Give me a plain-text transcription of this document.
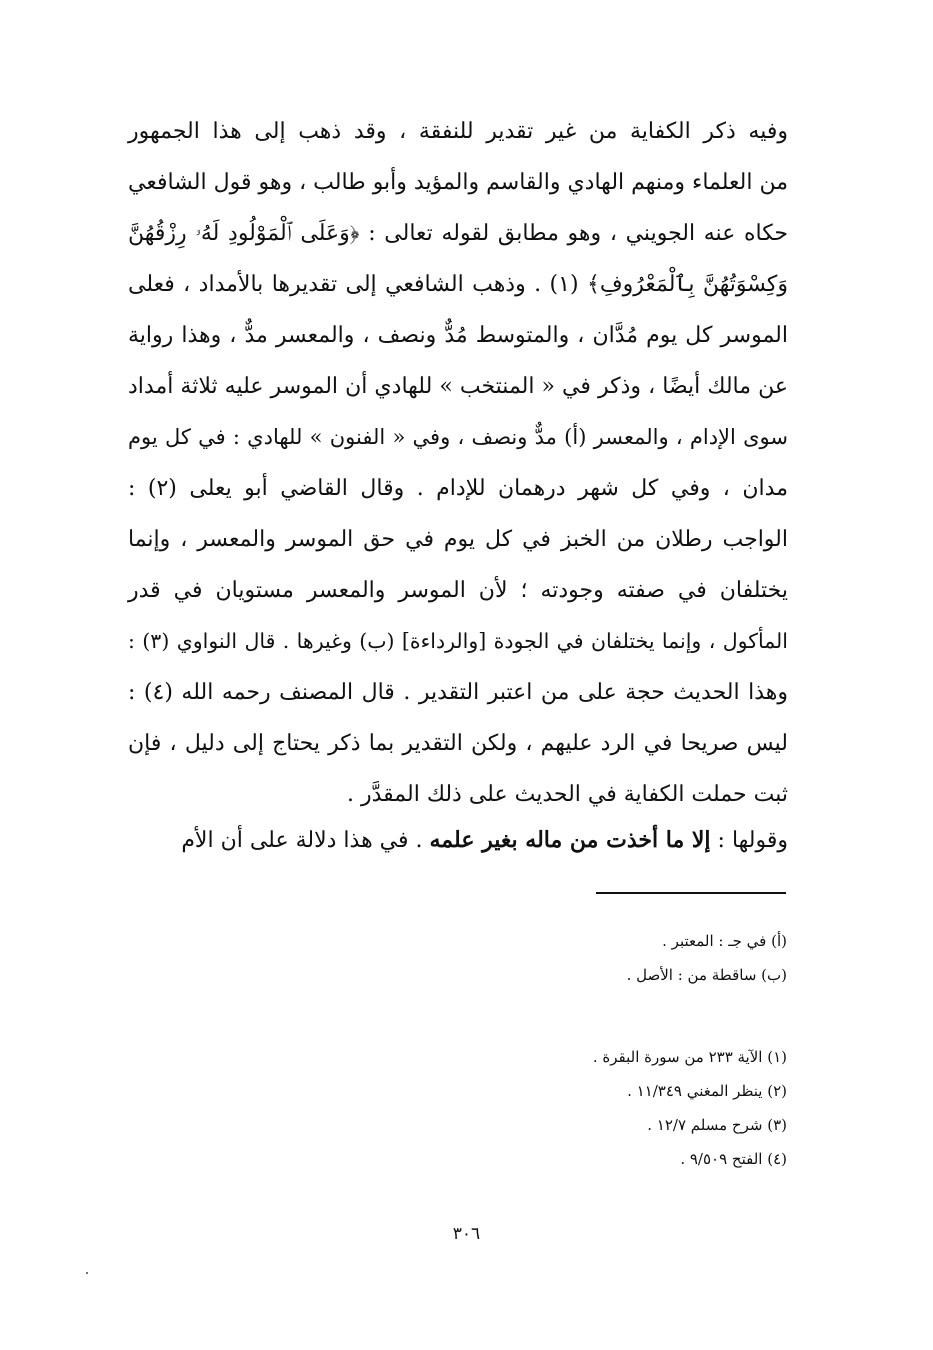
وفيه ذكر الكفاية من غير تقدير للنفقة ، وقد ذهب إلى هذا الجمهور
من العلماء ومنهم الهادي والقاسم والمؤيد وأبو طالب ، وهو قول الشافعي
حكاه عنه الجويني ، وهو مطابق لقوله تعالى : ﴿وَعَلَى ٱلْمَوْلُودِ لَهُۥ رِزْقُهُنَّ
وَكِسْوَتُهُنَّ بِٱلْمَعْرُوفِ﴾ (١) . وذهب الشافعي إلى تقديرها بالأمداد ، فعلى
الموسر كل يوم مُدَّان ، والمتوسط مُدٌّ ونصف ، والمعسر مدٌّ ، وهذا رواية
عن مالك أيضًا ، وذكر في « المنتخب » للهادي أن الموسر عليه ثلاثة أمداد
سوى الإدام ، والمعسر (أ) مدٌّ ونصف ، وفي « الفنون » للهادي : في كل يوم
مدان ، وفي كل شهر درهمان للإدام . وقال القاضي أبو يعلى (٢) :
الواجب رطلان من الخبز في كل يوم في حق الموسر والمعسر ، وإنما
يختلفان في صفته وجودته ؛ لأن الموسر والمعسر مستويان في قدر
المأكول ، وإنما يختلفان في الجودة [والرداءة] (ب) وغيرها . قال النواوي (٣) :
وهذا الحديث حجة على من اعتبر التقدير . قال المصنف رحمه الله (٤) :
ليس صريحا في الرد عليهم ، ولكن التقدير بما ذكر يحتاج إلى دليل ، فإن
ثبت حملت الكفاية في الحديث على ذلك المقدَّر .
وقولها : إلا ما أخذت من ماله بغير علمه . في هذا دلالة على أن الأم
(أ) في جـ : المعتبر .
(ب) ساقطة من : الأصل .
(١) الآية ٢٣٣ من سورة البقرة .
(٢) ينظر المغني ١١/٣٤٩ .
(٣) شرح مسلم ١٢/٧ .
(٤) الفتح ٩/٥٠٩ .
٣٠٦
